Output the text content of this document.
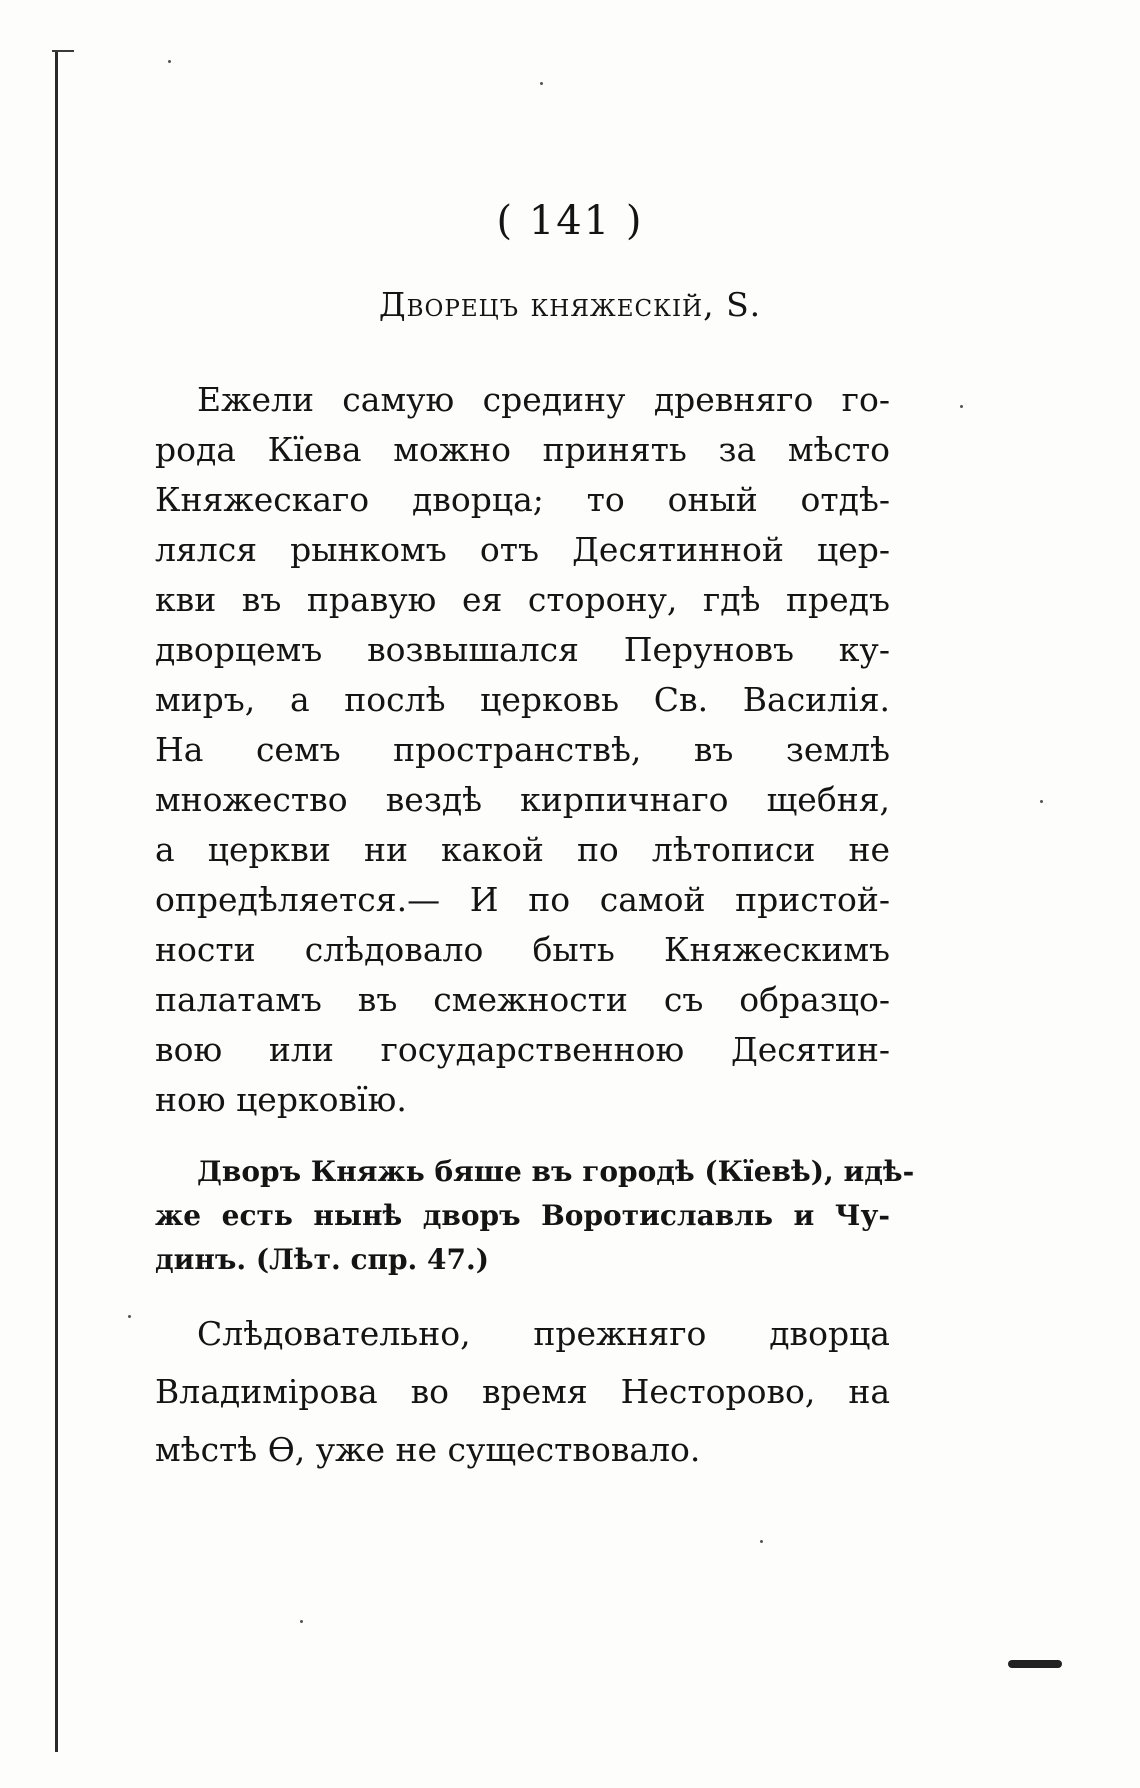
( 141 )
Дворецъ княжескій, Ѕ.
Ежели самую средину древняго го-
рода Кїева можно принять за мѣсто
Княжескаго дворца; то оный отдѣ-
лялся рынкомъ отъ Десятинной цер-
кви въ правую ея сторону, гдѣ предъ
дворцемъ возвышался Перуновъ ку-
миръ, а послѣ церковь Св. Василія.
На семъ пространствѣ, въ землѣ
множество вездѣ кирпичнаго щебня,
а церкви ни какой по лѣтописи не
опредѣляется.— И по самой пристой-
ности слѣдовало быть Княжескимъ
палатамъ въ смежности съ образцо-
вою или государственною Десятин-
ною церковїю.
Дворъ Княжь бяше въ городѣ (Кїевѣ), идѣ-
же есть нынѣ дворъ Воротиславль и Чу-
динъ. (Лѣт. спр. 47.)
Слѣдовательно, прежняго дворца
Владимірова во время Несторово, на
мѣстѣ Ѳ, уже не существовало.
